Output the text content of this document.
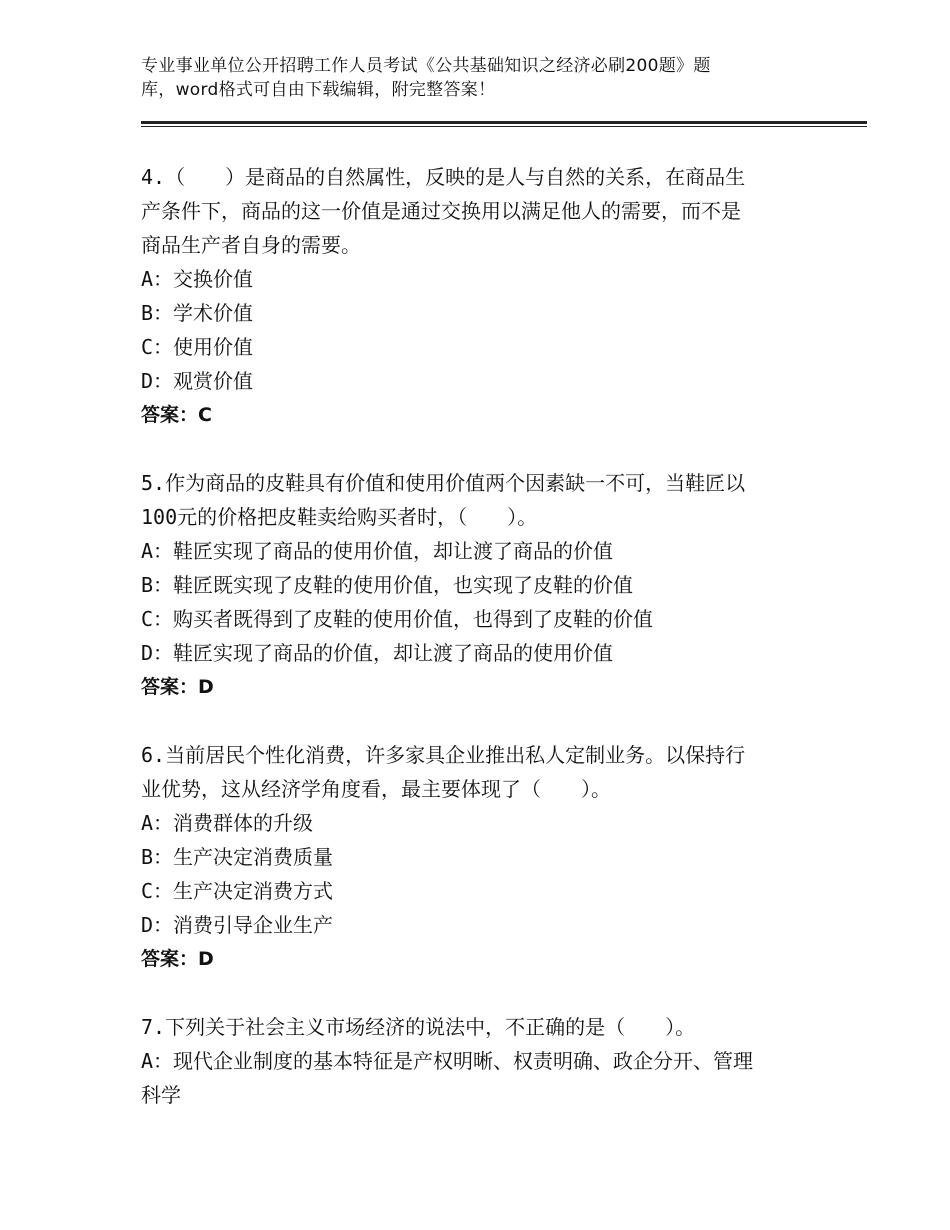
专业事业单位公开招聘工作人员考试《公共基础知识之经济必刷200题》题
库，word格式可自由下载编辑，附完整答案！
4.（　　）是商品的自然属性，反映的是人与自然的关系，在商品生
产条件下，商品的这一价值是通过交换用以满足他人的需要，而不是
商品生产者自身的需要。
A：交换价值
B：学术价值
C：使用价值
D：观赏价值
答案：C
5.作为商品的皮鞋具有价值和使用价值两个因素缺一不可，当鞋匠以
100元的价格把皮鞋卖给购买者时，（　　）。
A：鞋匠实现了商品的使用价值，却让渡了商品的价值
B：鞋匠既实现了皮鞋的使用价值，也实现了皮鞋的价值
C：购买者既得到了皮鞋的使用价值，也得到了皮鞋的价值
D：鞋匠实现了商品的价值，却让渡了商品的使用价值
答案：D
6.当前居民个性化消费，许多家具企业推出私人定制业务。以保持行
业优势，这从经济学角度看，最主要体现了（　　）。
A：消费群体的升级
B：生产决定消费质量
C：生产决定消费方式
D：消费引导企业生产
答案：D
7.下列关于社会主义市场经济的说法中，不正确的是（　　）。
A：现代企业制度的基本特征是产权明晰、权责明确、政企分开、管理
科学
